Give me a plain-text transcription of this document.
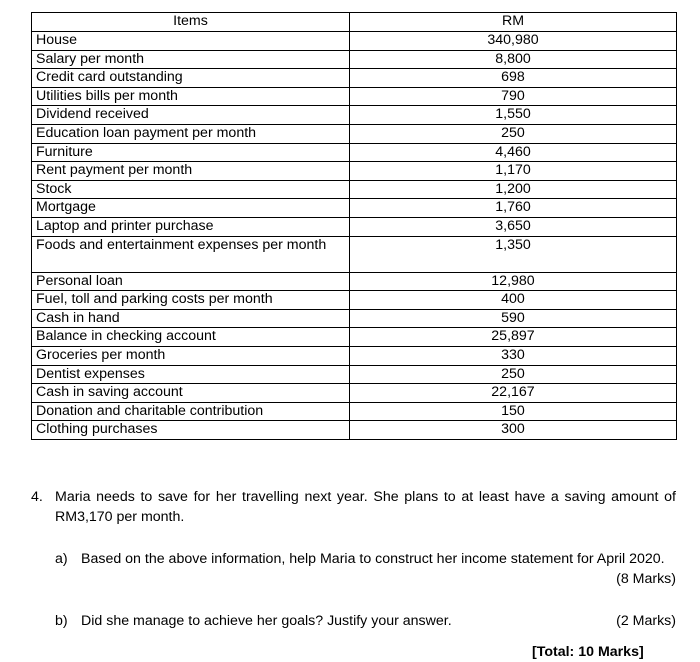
Items	RM
House	340,980
Salary per month	8,800
Credit card outstanding	698
Utilities bills per month	790
Dividend received	1,550
Education loan payment per month	250
Furniture	4,460
Rent payment per month	1,170
Stock	1,200
Mortgage	1,760
Laptop and printer purchase	3,650
Foods and entertainment expenses per month	1,350
Personal loan	12,980
Fuel, toll and parking costs per month	400
Cash in hand	590
Balance in checking account	25,897
Groceries per month	330
Dentist expenses	250
Cash in saving account	22,167
Donation and charitable contribution	150
Clothing purchases	300
4. Maria needs to save for her travelling next year. She plans to at least have a saving amount of RM3,170 per month.
a) Based on the above information, help Maria to construct her income statement for April 2020.
(8 Marks)
b) Did she manage to achieve her goals? Justify your answer.	(2 Marks)
[Total: 10 Marks]
